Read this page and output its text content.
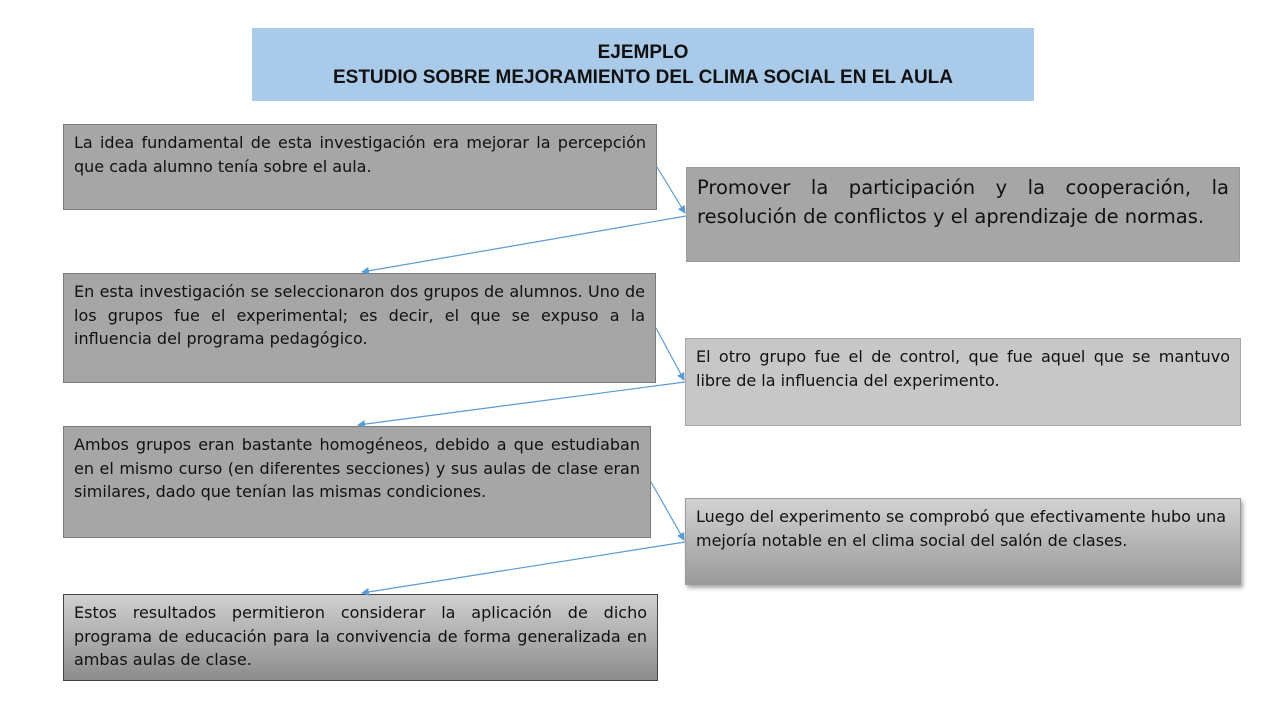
EJEMPLO
ESTUDIO SOBRE MEJORAMIENTO DEL CLIMA SOCIAL EN EL AULA
La idea fundamental de esta investigación era mejorar la percepción que cada alumno tenía sobre el aula.
Promover la participación y la cooperación, la resolución de conflictos y el aprendizaje de normas.
En esta investigación se seleccionaron dos grupos de alumnos. Uno de los grupos fue el experimental; es decir, el que se expuso a la influencia del programa pedagógico.
El otro grupo fue el de control, que fue aquel que se mantuvo libre de la influencia del experimento.
Ambos grupos eran bastante homogéneos, debido a que estudiaban en el mismo curso (en diferentes secciones) y sus aulas de clase eran similares, dado que tenían las mismas condiciones.
Luego del experimento se comprobó que efectivamente hubo una mejoría notable en el clima social del salón de clases.
Estos resultados permitieron considerar la aplicación de dicho programa de educación para la convivencia de forma generalizada en ambas aulas de clase.
